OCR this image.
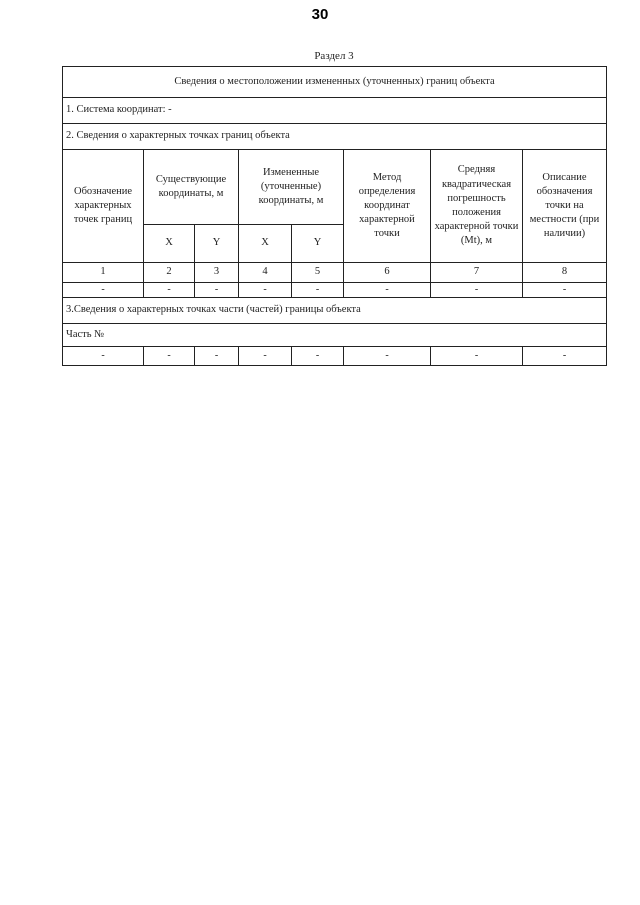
30
Раздел 3
Сведения о местоположении измененных (уточненных) границ объекта							
1. Система координат: -							
2. Сведения о характерных точках границ объекта							
Обозначение характерных точек границ	Существующие координаты, м		Измененные (уточненные) координаты, м		Метод определения координат характерной точки	Средняя квадратическая погрешность положения характерной точки (Mt), м	Описание обозначения точки на местности (при наличии)
	X	Y	X	Y			
1	2	3	4	5	6	7	8
-	-	-	-	-	-	-	-
3.Сведения о характерных точках части (частей) границы объекта							
Часть №							
-	-	-	-	-	-	-	-
